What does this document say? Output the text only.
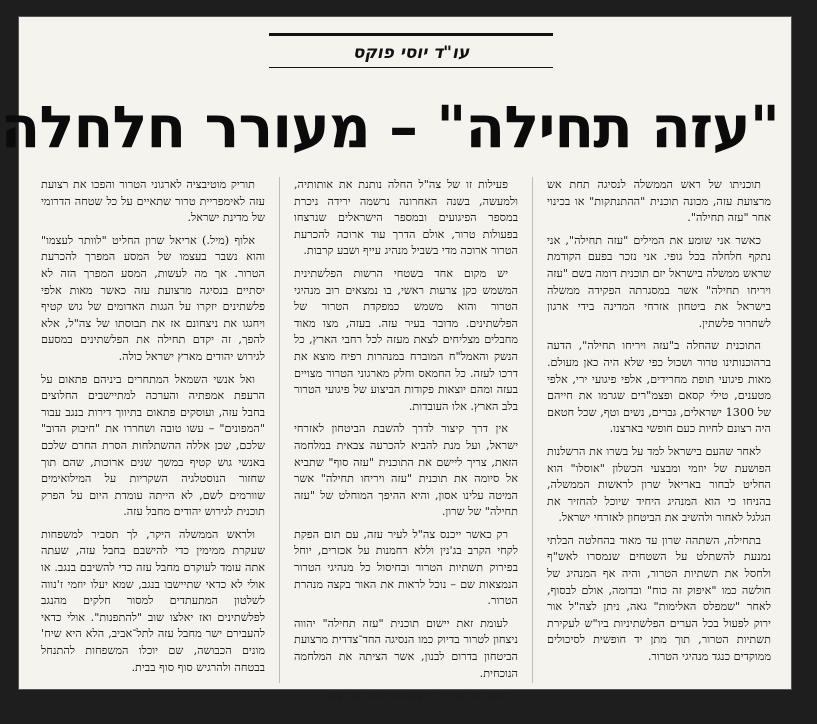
עו"ד יוסי פוקס
"עזה תחילה" – מעורר חלחלה

תוכניתו של ראש הממשלה לנסיגה תחת אש מרצועת עזה, מכונה תוכנית "ההתנתקות" או בכינוי אחר "עזה תחילה".

כאשר אני שומע את המילים "עזה תחילה", אני נתקף חלחלה בכל גופי. אני נזכר בפעם הקודמת שראש ממשלה בישראל יזם תוכנית דומה בשם "עזה ויריחו תחילה" אשר במסגרתה הפקידה ממשלה בישראל את ביטחון אזרחי המדינה בידי ארגון לשחרור פלשתין.

התוכנית שהחלה ב"עזה ויריחו תחילה", הדעה ברהוכנותינו טרור ושכול כפי שלא היה כאן מעולם. מאות פיגועי תופת מחרידים, אלפי פיגועי ירי, אלפי מטענים, טילי קסאם ופצמ"רים שגרמו את חייהם של 1300 ישראלים, גברים, נשים וטף, שכל חטאם היה רצונם לחיות כעם חופשי בארצנו.

לאחר שהעם בישראל למד על בשרו את הרשלנות הפושעת של יוזמי ומבצעי הכשלון "אוסלו" הוא החליט לבחור באריאל שרון לראשות הממשלה, בהניחו כי הוא המנהיג היחיד שיוכל להחזיר את הגלגל לאחור ולהשיב את הביטחון לאזרחי ישראל.

בתחילה, השתהה שרון עד מאוד בהחלטה הבלתי נמנעת להשתלט על השטחים שנמסרו לאש"ף ולחסל את תשתיות הטרור, והיה אף המנהיג של חולשה כמו "איפוק זה כוח" ובדומה, אולם לבסוף, לאחר "שמפלס האלימות" גאה, ניתן לצה"ל אור ירוק לפעול בכל הערים הפלשתיניות ביו"ש לעקירת תשתיות הטרור, תוך מתן יד חופשית לסיכולים ממוקדים כנגד מנהיגי הטרור.

פעילות זו של צה"ל החלה נותנת את אותותיה, ולמעשה, בשנה האחרונה נרשמה ירידה ניכרת במספר הפיגועים ובמספר הישראלים שנרצחו בפעולות טרור, אולם הדרך עוד ארוכה להכרעת הטרור ארוכה מדי בשביל מנהיג עייף ושבע קרבות.

יש מקום אחד בשטחי הרשות הפלשתינית המשמש כקן צרעות ראשי, בו נמצאים רוב מנהיגי הטרור והוא משמש כמפקדת הטרור של הפלשתינים. מדובר בעיר עזה. בעזה, מצו מאוד מחבלים מצליחים לצאת מעזה לכל רחבי הארץ, כל הנשק והאמל"ח המוברח במנהרות רפיח מוצא את דרכו לעזה. כל החמאס וחלק מארגוני הטרור מצויים בעזה ומהם יוצאות פקודות הביצוע של פיגועי הטרור בלב הארץ. אלו העובדות.

אין דרך קיצור לדרך להשבת הביטחון לאזרחי ישראל, ועל מנת להביא להכרעה צבאית במלחמה הזאת, צריך ליישם את התוכנית "עזה סוף" שתביא אל סיומה את תוכנית "עזה ויריחו תחילה" אשר המיטה עלינו אסון, והיא ההיפך המוחלט של "עזה תחילה" של שרון.

רק כאשר ייכנס צה"ל לעיר עזה, עם תום הפקת לקחי הקרב בג'נין וללא רחמנות על אכזרים, יוחל בפירוק תשתיות הטרור ובחיסול כל מנהיגי הטרור הנמצאות שם – נוכל לראות את האור בקצה מנהרת הטרור.

לעומת זאת יישום תוכנית "עזה תחילה" יהווה ניצחון לטרור בדיוק כמו הנסיגה החד־צדדית מרצועת הביטחון בדרום לבנון, אשר הציתה את המלחמה הנוכחית.

נסיגה חד־צדדית מרצועת הביטחון של עזה,

תוריק מוטיבציה לארגוני הטרור והפכו את רצועת עזה לאימפריית טרור שתאיים על כל שטחה הדרומי של מדינת ישראל.

אלוף (מיל.) אריאל שרון החליט "לוותר לעצמו" והוא נשבר בעצמו של המסע המפרך להכרעת הטרור. אך מה לעשות, המסע המפרך הזה לא יסתיים בנסיגה מרצועת עזה כאשר מאות אלפי פלשתינים יזקרו על הגגות האדומים של גוש קטיף ויחגגו את ניצחונם אז את תבוסתו של צה"ל, אלא להפך, זה יקדם תחילה את הפלשתינים במסעם לגירוש יהודים מארץ ישראל כולה.

ואל אנשי השמאל המתחרים ביניהם פתאום על הרעפת אמפתיה והערכה למתיישבים החלוצים בחבל עזה, ועוסקים פתאום בתיווך דירות בנגב עבור "המפונים" – עשו טובה ושחררו את "חיבוק הדוב" שלכם, שכן אללה ההשתלחות הסרת החרם שלכם באנשי גוש קטיף במשך שנים ארוכות, שהם תוך שחזור הנוסטלגיה השקריות על המילואימים שוורמים לשם, לא הייתה עומדת היום על הפרק תוכנית לגירוש יהודים מחבל עזה.

ולראש הממשלה היקר, לך תסביר למשפחות שעקרת ממימין כדי להישבם בחבל עזה, שעתה אתה עומד לעוקרם מחבל עזה כדי להשיבם בנגב. או אולי לא כדאי שתיישבו בנגב, שמא יעלו יוזמי ז'נווה לשלטון המתעתדים למסור חלקים מהנגב לפלשתינים ואז יאלצו שוב "להתפנות". אולי כדאי להעבירם ישר מחבל עזה לתל־אביב, הלא היא שיח' מונים הכבושה, שם יוכלו המשפחות להתנחל בבטחה ולהרגיש סוף סוף בבית.
